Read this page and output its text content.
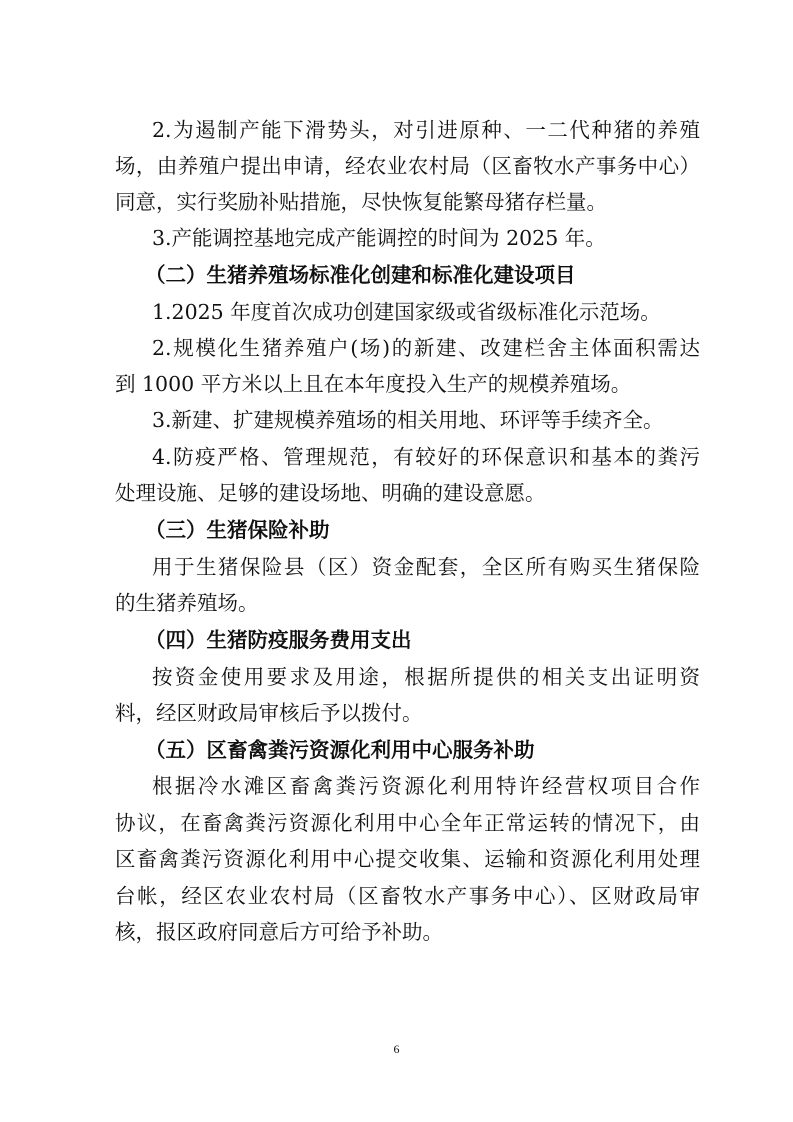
2.为遏制产能下滑势头，对引进原种、一二代种猪的养殖
场，由养殖户提出申请，经农业农村局（区畜牧水产事务中心）
同意，实行奖励补贴措施，尽快恢复能繁母猪存栏量。
3.产能调控基地完成产能调控的时间为 2025 年。
（二）生猪养殖场标准化创建和标准化建设项目
1.2025 年度首次成功创建国家级或省级标准化示范场。
2.规模化生猪养殖户(场)的新建、改建栏舍主体面积需达
到 1000 平方米以上且在本年度投入生产的规模养殖场。
3.新建、扩建规模养殖场的相关用地、环评等手续齐全。
4.防疫严格、管理规范，有较好的环保意识和基本的粪污
处理设施、足够的建设场地、明确的建设意愿。
（三）生猪保险补助
用于生猪保险县（区）资金配套，全区所有购买生猪保险
的生猪养殖场。
（四）生猪防疫服务费用支出
按资金使用要求及用途，根据所提供的相关支出证明资
料，经区财政局审核后予以拨付。
（五）区畜禽粪污资源化利用中心服务补助
根据冷水滩区畜禽粪污资源化利用特许经营权项目合作
协议，在畜禽粪污资源化利用中心全年正常运转的情况下，由
区畜禽粪污资源化利用中心提交收集、运输和资源化利用处理
台帐，经区农业农村局（区畜牧水产事务中心）、区财政局审
核，报区政府同意后方可给予补助。
6
